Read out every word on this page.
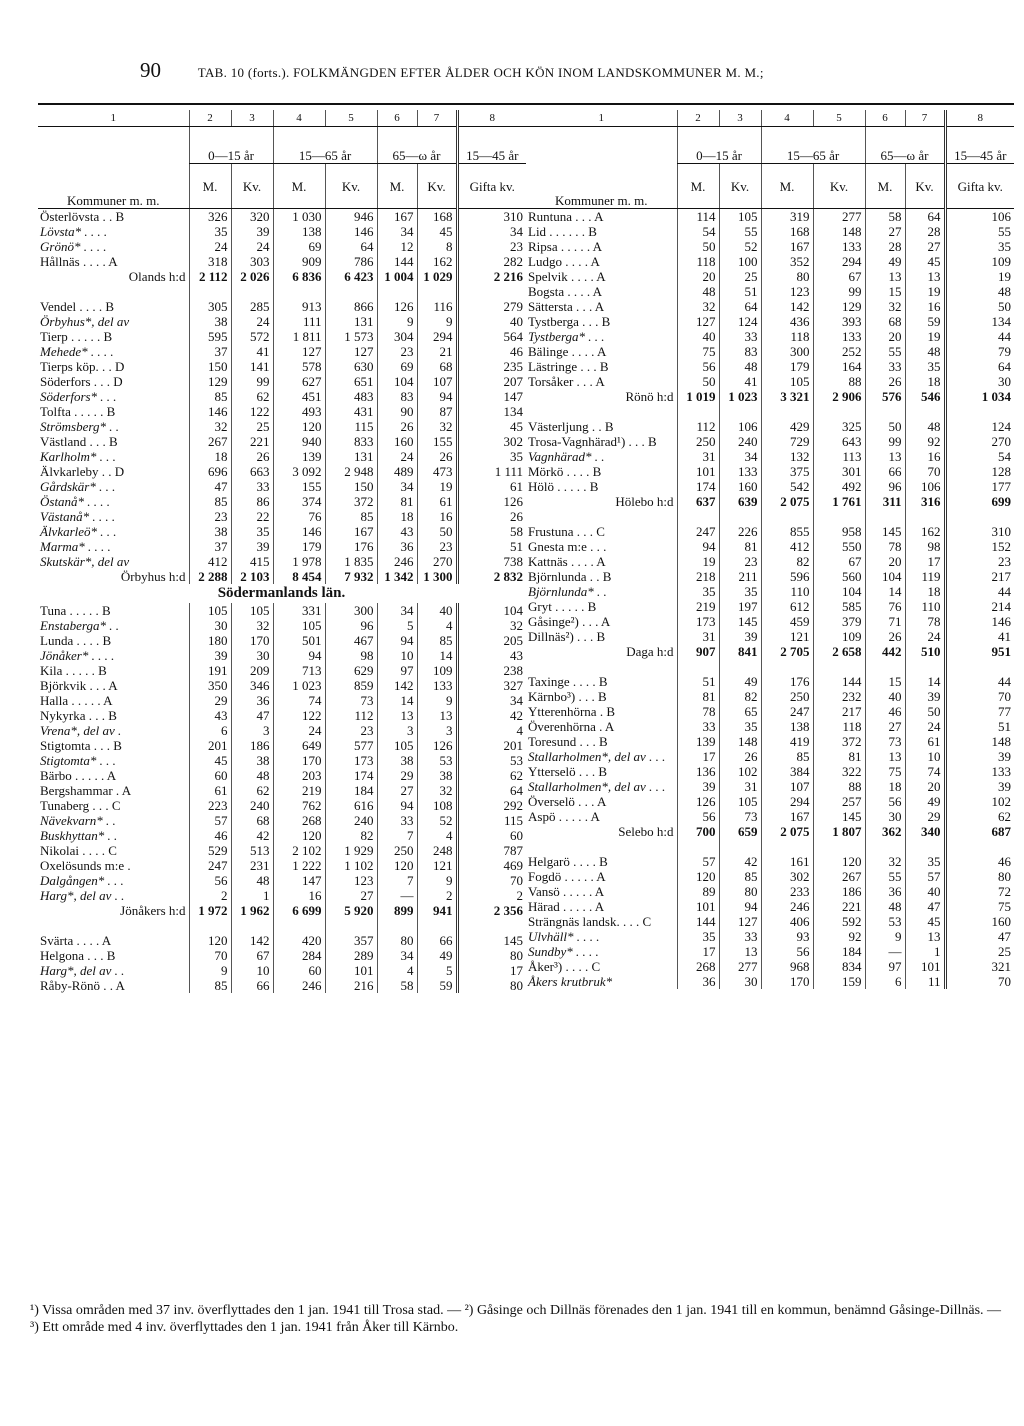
90	TAB. 10 (forts.). FOLKMÄNGDEN EFTER ÅLDER OCH KÖN INOM LANDSKOMMUNER M. M.;
1	2	3	4	5	6	7	8
Kommuner m. m.	0—15 år		15—65 år		65—ω år		15—45 år
	M.	Kv.	M.	Kv.	M.	Kv.	Gifta kv.
Österlövsta . . B	326	320	1 030	946	167	168	310
Lövsta* . . . .	35	39	138	146	34	45	34
Grönö* . . . .	24	24	69	64	12	8	23
Hållnäs . . . . A	318	303	909	786	144	162	282
Olands h:d	2 112	2 026	6 836	6 423	1 004	1 029	2 216

Vendel . . . . B	305	285	913	866	126	116	279
Örbyhus*, del av	38	24	111	131	9	9	40
Tierp . . . . . B	595	572	1 811	1 573	304	294	564
Mehede* . . . .	37	41	127	127	23	21	46
Tierps köp. . . D	150	141	578	630	69	68	235
Söderfors . . . D	129	99	627	651	104	107	207
Söderfors* . . .	85	62	451	483	83	94	147
Tolfta . . . . . B	146	122	493	431	90	87	134
Strömsberg* . .	32	25	120	115	26	32	45
Västland . . . B	267	221	940	833	160	155	302
Karlholm* . . .	18	26	139	131	24	26	35
Älvkarleby . . D	696	663	3 092	2 948	489	473	1 111
Gårdskär* . . .	47	33	155	150	34	19	61
Östanå* . . . .	85	86	374	372	81	61	126
Västanå* . . . .	23	22	76	85	18	16	26
Älvkarleö* . . .	38	35	146	167	43	50	58
Marma* . . . .	37	39	179	176	36	23	51
Skutskär*, del av	412	415	1 978	1 835	246	270	738
Örbyhus h:d	2 288	2 103	8 454	7 932	1 342	1 300	2 832
Södermanlands län.							
Tuna . . . . . B	105	105	331	300	34	40	104
Enstaberga* . .	30	32	105	96	5	4	32
Lunda . . . . B	180	170	501	467	94	85	205
Jönåker* . . . .	39	30	94	98	10	14	43
Kila . . . . . B	191	209	713	629	97	109	238
Björkvik . . . A	350	346	1 023	859	142	133	327
Halla . . . . . A	29	36	74	73	14	9	34
Nykyrka . . . B	43	47	122	112	13	13	42
Vrena*, del av .	6	3	24	23	3	3	4
Stigtomta . . . B	201	186	649	577	105	126	201
Stigtomta* . . .	45	38	170	173	38	53	53
Bärbo . . . . . A	60	48	203	174	29	38	62
Bergshammar . A	61	62	219	184	27	32	64
Tunaberg . . . C	223	240	762	616	94	108	292
Nävekvarn* . .	57	68	268	240	33	52	115
Buskhyttan* . .	46	42	120	82	7	4	60
Nikolai . . . . C	529	513	2 102	1 929	250	248	787
Oxelösunds m:e .	247	231	1 222	1 102	120	121	469
Dalgången* . . .	56	48	147	123	7	9	70
Harg*, del av . .	2	1	16	27	—	2	2
Jönåkers h:d	1 972	1 962	6 699	5 920	899	941	2 356

Svärta . . . . A	120	142	420	357	80	66	145
Helgona . . . B	70	67	284	289	34	49	80
Harg*, del av . .	9	10	60	101	4	5	17
Råby-Rönö . . A	85	66	246	216	58	59	80
1	2	3	4	5	6	7	8
Kommuner m. m.	0—15 år		15—65 år		65—ω år		15—45 år
	M.	Kv.	M.	Kv.	M.	Kv.	Gifta kv.
Runtuna . . . A	114	105	319	277	58	64	106
Lid . . . . . . B	54	55	168	148	27	28	55
Ripsa . . . . . A	50	52	167	133	28	27	35
Ludgo . . . . A	118	100	352	294	49	45	109
Spelvik . . . . A	20	25	80	67	13	13	19
Bogsta . . . . A	48	51	123	99	15	19	48
Sättersta . . . A	32	64	142	129	32	16	50
Tystberga . . . B	127	124	436	393	68	59	134
Tystberga* . . .	40	33	118	133	20	19	44
Bälinge . . . . A	75	83	300	252	55	48	79
Lästringe . . . B	56	48	179	164	33	35	64
Torsåker . . . A	50	41	105	88	26	18	30
Rönö h:d	1 019	1 023	3 321	2 906	576	546	1 034

Västerljung . . B	112	106	429	325	50	48	124
Trosa-Vagnhärad¹) . . . B	250	240	729	643	99	92	270
Vagnhärad* . .	31	34	132	113	13	16	54
Mörkö . . . . B	101	133	375	301	66	70	128
Hölö . . . . . B	174	160	542	492	96	106	177
Hölebo h:d	637	639	2 075	1 761	311	316	699

Frustuna . . . C	247	226	855	958	145	162	310
Gnesta m:e . . .	94	81	412	550	78	98	152
Kattnäs . . . . A	19	23	82	67	20	17	23
Björnlunda . . B	218	211	596	560	104	119	217
Björnlunda* . .	35	35	110	104	14	18	44
Gryt . . . . . B	219	197	612	585	76	110	214
Gåsinge²) . . . A	173	145	459	379	71	78	146
Dillnäs²) . . . B	31	39	121	109	26	24	41
Daga h:d	907	841	2 705	2 658	442	510	951

Taxinge . . . . B	51	49	176	144	15	14	44
Kärnbo³) . . . B	81	82	250	232	40	39	70
Ytterenhörna . B	78	65	247	217	46	50	77
Överenhörna . A	33	35	138	118	27	24	51
Toresund . . . B	139	148	419	372	73	61	148
Stallarholmen*, del av . . .	17	26	85	81	13	10	39
Ytterselö . . . B	136	102	384	322	75	74	133
Stallarholmen*, del av . . .	39	31	107	88	18	20	39
Överselö . . . A	126	105	294	257	56	49	102
Aspö . . . . . A	56	73	167	145	30	29	62
Selebo h:d	700	659	2 075	1 807	362	340	687

Helgarö . . . . B	57	42	161	120	32	35	46
Fogdö . . . . . A	120	85	302	267	55	57	80
Vansö . . . . . A	89	80	233	186	36	40	72
Härad . . . . . A	101	94	246	221	48	47	75
Strängnäs landsk. . . . C	144	127	406	592	53	45	160
Ulvhäll* . . . .	35	33	93	92	9	13	47
Sundby* . . . .	17	13	56	184	—	1	25
Åker³) . . . . C	268	277	968	834	97	101	321
Åkers krutbruk*	36	30	170	159	6	11	70
¹) Vissa områden med 37 inv. överflyttades den 1 jan. 1941 till Trosa stad. — ²) Gåsinge och Dillnäs förenades den 1 jan. 1941 till en kommun, benämnd Gåsinge-Dillnäs. — ³) Ett område med 4 inv. överflyttades den 1 jan. 1941 från Åker till Kärnbo.
